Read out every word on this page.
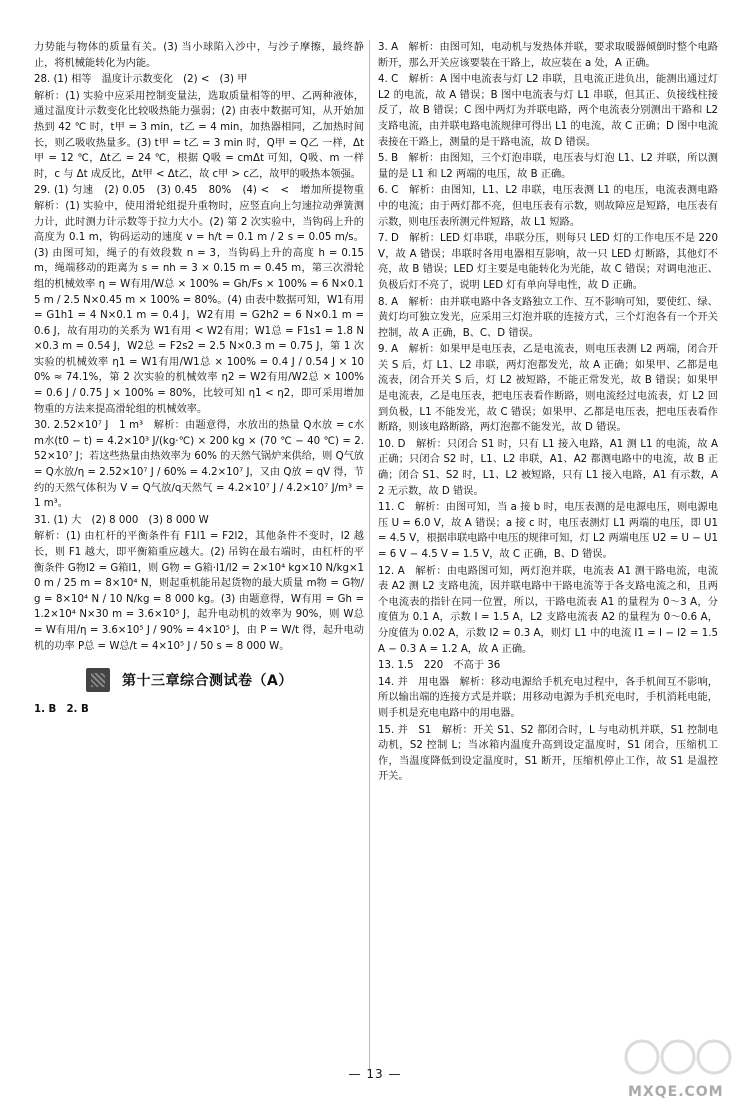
力势能与物体的质量有关。(3) 当小球陷入沙中，与沙子摩擦，最终静止，将机械能转化为内能。

28. (1) 相等　温度计示数变化　(2) <　(3) 甲

解析：(1) 实验中应采用控制变量法，选取质量相等的甲、乙两种液体，通过温度计示数变化比较吸热能力强弱；(2) 由表中数据可知，从开始加热到 42 ℃ 时，t甲 = 3 min，t乙 = 4 min，加热器相同，乙加热时间长，则乙吸收热量多。(3) t甲 = t乙 = 3 min 时，Q甲 = Q乙 一样，Δt甲 = 12 ℃，Δt乙 = 24 ℃，根据 Q吸 = cmΔt 可知，Q吸、m 一样时，c 与 Δt 成反比，Δt甲 < Δt乙，故 c甲 > c乙，故甲的吸热本领强。

29. (1) 匀速　(2) 0.05　(3) 0.45　80%　(4) <　<　增加所提物重　解析：(1) 实验中，使用滑轮组提升重物时，应竖直向上匀速拉动弹簧测力计，此时测力计示数等于拉力大小。(2) 第 2 次实验中，当钩码上升的高度为 0.1 m，钩码运动的速度 v = h/t = 0.1 m / 2 s = 0.05 m/s。(3) 由图可知，绳子的有效段数 n = 3，当钩码上升的高度 h = 0.15 m，绳端移动的距离为 s = nh = 3 × 0.15 m = 0.45 m，第三次滑轮组的机械效率 η = W有用/W总 × 100% = Gh/Fs × 100% = 6 N×0.15 m / 2.5 N×0.45 m × 100% = 80%。(4) 由表中数据可知，W1有用 = G1h1 = 4 N×0.1 m = 0.4 J，W2有用 = G2h2 = 6 N×0.1 m = 0.6 J，故有用功的关系为 W1有用 < W2有用；W1总 = F1s1 = 1.8 N×0.3 m = 0.54 J，W2总 = F2s2 = 2.5 N×0.3 m = 0.75 J，第 1 次实验的机械效率 η1 = W1有用/W1总 × 100% = 0.4 J / 0.54 J × 100% ≈ 74.1%，第 2 次实验的机械效率 η2 = W2有用/W2总 × 100% = 0.6 J / 0.75 J × 100% = 80%，比较可知 η1 < η2，即可采用增加物重的方法来提高滑轮组的机械效率。

30. 2.52×10⁷ J　1 m³　解析：由题意得，水放出的热量 Q水放 = c水m水(t0 − t) = 4.2×10³ J/(kg·℃) × 200 kg × (70 ℃ − 40 ℃) = 2.52×10⁷ J；若这些热量由热效率为 60% 的天然气锅炉来供给，则 Q气放 = Q水放/η = 2.52×10⁷ J / 60% = 4.2×10⁷ J，又由 Q放 = qV 得，节约的天然气体积为 V = Q气放/q天然气 = 4.2×10⁷ J / 4.2×10⁷ J/m³ = 1 m³。

31. (1) 大　(2) 8 000　(3) 8 000 W

解析：(1) 由杠杆的平衡条件有 F1l1 = F2l2，其他条件不变时，l2 越长，则 F1 越大，即平衡箱重应越大。(2) 吊钩在最右端时，由杠杆的平衡条件 G物l2 = G箱l1，则 G物 = G箱·l1/l2 = 2×10⁴ kg×10 N/kg×10 m / 25 m = 8×10⁴ N，则起重机能吊起货物的最大质量 m物 = G物/g = 8×10⁴ N / 10 N/kg = 8 000 kg。(3) 由题意得，W有用 = Gh = 1.2×10⁴ N×30 m = 3.6×10⁵ J，起升电动机的效率为 90%，则 W总 = W有用/η = 3.6×10⁵ J / 90% = 4×10⁵ J，由 P = W/t 得，起升电动机的功率 P总 = W总/t = 4×10⁵ J / 50 s = 8 000 W。

第十三章综合测试卷（A）

1. B　2. B

3. A　解析：由图可知，电动机与发热体并联，要求取暖器倾倒时整个电路断开，那么开关应该要装在干路上，故应装在 a 处，A 正确。

4. C　解析：A 图中电流表与灯 L2 串联，且电流正进负出，能测出通过灯 L2 的电流，故 A 错误；B 图中电流表与灯 L1 串联，但其正、负接线柱接反了，故 B 错误；C 图中两灯为并联电路，两个电流表分别测出干路和 L2 支路电流，由并联电路电流规律可得出 L1 的电流，故 C 正确；D 图中电流表接在干路上，测量的是干路电流，故 D 错误。

5. B　解析：由图知，三个灯泡串联，电压表与灯泡 L1、L2 并联，所以测量的是 L1 和 L2 两端的电压，故 B 正确。

6. C　解析：由图知，L1、L2 串联，电压表测 L1 的电压，电流表测电路中的电流；由于两灯都不亮，但电压表有示数，则故障应是短路，电压表有示数，则电压表所测元件短路，故 L1 短路。

7. D　解析：LED 灯串联，串联分压，则每只 LED 灯的工作电压不是 220 V，故 A 错误；串联时各用电器相互影响，故一只 LED 灯断路，其他灯不亮，故 B 错误；LED 灯主要是电能转化为光能，故 C 错误；对调电池正、负极后灯不亮了，说明 LED 灯有单向导电性，故 D 正确。

8. A　解析：由并联电路中各支路独立工作、互不影响可知，要使红、绿、黄灯均可独立发光，应采用三灯泡并联的连接方式，三个灯泡各有一个开关控制，故 A 正确，B、C、D 错误。

9. A　解析：如果甲是电压表，乙是电流表，则电压表测 L2 两端，闭合开关 S 后，灯 L1、L2 串联，两灯泡都发光，故 A 正确；如果甲、乙都是电流表，闭合开关 S 后，灯 L2 被短路，不能正常发光，故 B 错误；如果甲是电流表，乙是电压表，把电压表看作断路，则电流经过电流表，灯 L2 回到负极，L1 不能发光，故 C 错误；如果甲、乙都是电压表，把电压表看作断路，则该电路断路，两灯泡都不能发光，故 D 错误。

10. D　解析：只闭合 S1 时，只有 L1 接入电路，A1 测 L1 的电流，故 A 正确；只闭合 S2 时，L1、L2 串联，A1、A2 都测电路中的电流，故 B 正确；闭合 S1、S2 时，L1、L2 被短路，只有 L1 接入电路，A1 有示数，A2 无示数，故 D 错误。

11. C　解析：由图可知，当 a 接 b 时，电压表测的是电源电压，则电源电压 U = 6.0 V，故 A 错误；a 接 c 时，电压表测灯 L1 两端的电压，即 U1 = 4.5 V，根据串联电路中电压的规律可知，灯 L2 两端电压 U2 = U − U1 = 6 V − 4.5 V = 1.5 V，故 C 正确，B、D 错误。

12. A　解析：由电路图可知，两灯泡并联，电流表 A1 测干路电流，电流表 A2 测 L2 支路电流，因并联电路中干路电流等于各支路电流之和，且两个电流表的指针在同一位置，所以，干路电流表 A1 的量程为 0～3 A，分度值为 0.1 A，示数 I = 1.5 A，L2 支路电流表 A2 的量程为 0～0.6 A，分度值为 0.02 A，示数 I2 = 0.3 A，则灯 L1 中的电流 I1 = I − I2 = 1.5 A − 0.3 A = 1.2 A，故 A 正确。

13. 1.5　220　不高于 36

14. 并　用电器　解析：移动电源给手机充电过程中，各手机间互不影响，所以输出端的连接方式是并联；用移动电源为手机充电时，手机消耗电能，则手机是充电电路中的用电器。

15. 并　S1　解析：开关 S1、S2 都闭合时，L 与电动机并联，S1 控制电动机，S2 控制 L；当冰箱内温度升高到设定温度时，S1 闭合，压缩机工作，当温度降低到设定温度时，S1 断开，压缩机停止工作，故 S1 是温控开关。

— 13 —
MXQE.COM
